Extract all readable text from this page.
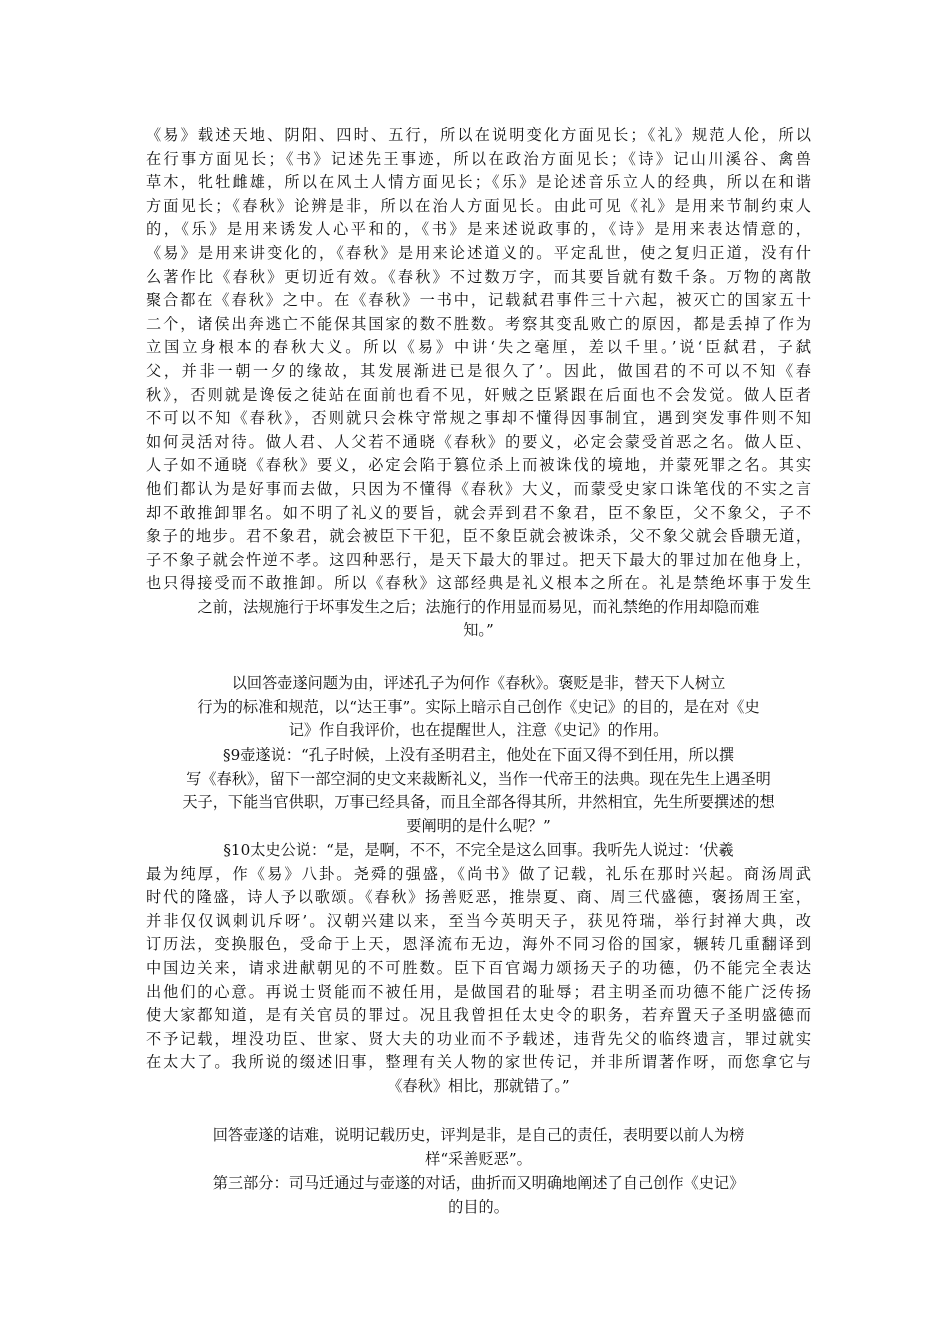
《易》载述天地、阴阳、四时、五行，所以在说明变化方面见长；《礼》规范人伦，所以
在行事方面见长；《书》记述先王事迹，所以在政治方面见长；《诗》记山川溪谷、禽兽
草木，牝牡雌雄，所以在风土人情方面见长；《乐》是论述音乐立人的经典，所以在和谐
方面见长；《春秋》论辨是非，所以在治人方面见长。由此可见《礼》是用来节制约束人
的，《乐》是用来诱发人心平和的，《书》是来述说政事的，《诗》是用来表达情意的，
《易》是用来讲变化的，《春秋》是用来论述道义的。平定乱世，使之复归正道，没有什
么著作比《春秋》更切近有效。《春秋》不过数万字，而其要旨就有数千条。万物的离散
聚合都在《春秋》之中。在《春秋》一书中，记载弑君事件三十六起，被灭亡的国家五十
二个，诸侯出奔逃亡不能保其国家的数不胜数。考察其变乱败亡的原因，都是丢掉了作为
立国立身根本的春秋大义。所以《易》中讲‘失之毫厘，差以千里。’说‘臣弑君，子弑
父，并非一朝一夕的缘故，其发展渐进已是很久了’。因此，做国君的不可以不知《春
秋》，否则就是谗佞之徒站在面前也看不见，奸贼之臣紧跟在后面也不会发觉。做人臣者
不可以不知《春秋》，否则就只会株守常规之事却不懂得因事制宜，遇到突发事件则不知
如何灵活对待。做人君、人父若不通晓《春秋》的要义，必定会蒙受首恶之名。做人臣、
人子如不通晓《春秋》要义，必定会陷于篡位杀上而被诛伐的境地，并蒙死罪之名。其实
他们都认为是好事而去做，只因为不懂得《春秋》大义，而蒙受史家口诛笔伐的不实之言
却不敢推卸罪名。如不明了礼义的要旨，就会弄到君不象君，臣不象臣，父不象父，子不
象子的地步。君不象君，就会被臣下干犯，臣不象臣就会被诛杀，父不象父就会昏聩无道，
子不象子就会忤逆不孝。这四种恶行，是天下最大的罪过。把天下最大的罪过加在他身上，
也只得接受而不敢推卸。所以《春秋》这部经典是礼义根本之所在。礼是禁绝坏事于发生
之前，法规施行于坏事发生之后；法施行的作用显而易见，而礼禁绝的作用却隐而难
知。”
以回答壶遂问题为由，评述孔子为何作《春秋》。褒贬是非，替天下人树立
行为的标准和规范，以“达王事”。实际上暗示自己创作《史记》的目的，是在对《史
记》作自我评价，也在提醒世人，注意《史记》的作用。
§9壶遂说：“孔子时候，上没有圣明君主，他处在下面又得不到任用，所以撰
写《春秋》，留下一部空洞的史文来裁断礼义，当作一代帝王的法典。现在先生上遇圣明
天子，下能当官供职，万事已经具备，而且全部各得其所，井然相宜，先生所要撰述的想
要阐明的是什么呢？”
§10太史公说：“是，是啊，不不，不完全是这么回事。我听先人说过：‘伏羲
最为纯厚，作《易》八卦。尧舜的强盛，《尚书》做了记载，礼乐在那时兴起。商汤周武
时代的隆盛，诗人予以歌颂。《春秋》扬善贬恶，推崇夏、商、周三代盛德，褒扬周王室，
并非仅仅讽刺讥斥呀’。汉朝兴建以来，至当今英明天子，获见符瑞，举行封禅大典，改
订历法，变换服色，受命于上天，恩泽流布无边，海外不同习俗的国家，辗转几重翻译到
中国边关来，请求进献朝见的不可胜数。臣下百官竭力颂扬天子的功德，仍不能完全表达
出他们的心意。再说士贤能而不被任用，是做国君的耻辱；君主明圣而功德不能广泛传扬
使大家都知道，是有关官员的罪过。况且我曾担任太史令的职务，若弃置天子圣明盛德而
不予记载，埋没功臣、世家、贤大夫的功业而不予载述，违背先父的临终遗言，罪过就实
在太大了。我所说的缀述旧事，整理有关人物的家世传记，并非所谓著作呀，而您拿它与
《春秋》相比，那就错了。”
回答壶遂的诘难，说明记载历史，评判是非，是自己的责任，表明要以前人为榜
样“采善贬恶”。
第三部分：司马迁通过与壶遂的对话，曲折而又明确地阐述了自己创作《史记》
的目的。
